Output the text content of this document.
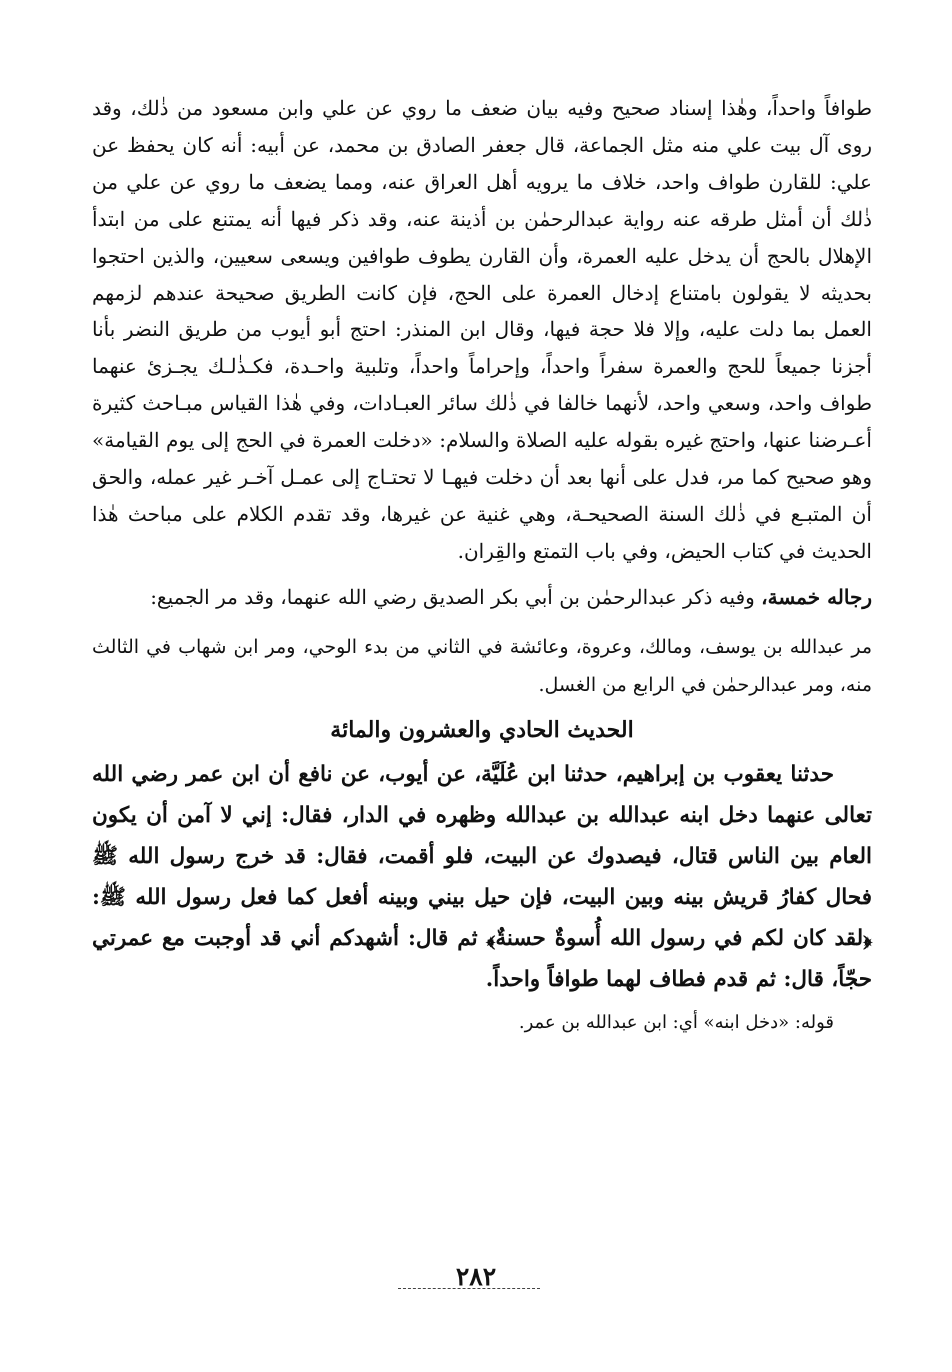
طوافاً واحداً، وهٰذا إسناد صحيح وفيه بيان ضعف ما روي عن علي وابن مسعود من ذٰلك، وقد روى آل بيت علي منه مثل الجماعة، قال جعفر الصادق بن محمد، عن أبيه: أنه كان يحفظ عن علي: للقارن طواف واحد، خلاف ما يرويه أهل العراق عنه، ومما يضعف ما روي عن علي من ذٰلك أن أمثل طرقه عنه رواية عبدالرحمٰن بن أذينة عنه، وقد ذكر فيها أنه يمتنع على من ابتدأ الإهلال بالحج أن يدخل عليه العمرة، وأن القارن يطوف طوافين ويسعى سعيين، والذين احتجوا بحديثه لا يقولون بامتناع إدخال العمرة على الحج، فإن كانت الطريق صحيحة عندهم لزمهم العمل بما دلت عليه، وإلا فلا حجة فيها، وقال ابن المنذر: احتج أبو أيوب من طريق النضر بأنا أجزنا جميعاً للحج والعمرة سفراً واحداً، وإحراماً واحداً، وتلبية واحـدة، فكـذٰلـك يجـزئ عنهما طواف واحد، وسعي واحد، لأنهما خالفا في ذٰلك سائر العبـادات، وفي هٰذا القياس مبـاحث كثيرة أعـرضنا عنها، واحتج غيره بقوله عليه الصلاة والسلام: «دخلت العمرة في الحج إلى يوم القيامة» وهو صحيح كما مر، فدل على أنها بعد أن دخلت فيهـا لا تحتـاج إلى عمـل آخـر غير عمله، والحق أن المتبـع في ذٰلك السنة الصحيحـة، وهي غنية عن غيرها، وقد تقدم الكلام على مباحث هٰذا الحديث في كتاب الحيض، وفي باب التمتع والقِران.

رجاله خمسة، وفيه ذكر عبدالرحمٰن بن أبي بكر الصديق رضي الله عنهما، وقد مر الجميع:

مر عبدالله بن يوسف، ومالك، وعروة، وعائشة في الثاني من بدء الوحي، ومر ابن شهاب في الثالث منه، ومر عبدالرحمٰن في الرابع من الغسل.

الحديث الحادي والعشرون والمائة

حدثنا يعقوب بن إبراهيم، حدثنا ابن عُلَيَّة، عن أيوب، عن نافع أن ابن عمر رضي الله تعالى عنهما دخل ابنه عبدالله بن عبدالله وظهره في الدار، فقال: إني لا آمن أن يكون العام بين الناس قتال، فيصدوك عن البيت، فلو أقمت، فقال: قد خرج رسول الله ﷺ فحال كفارُ قريش بينه وبين البيت، فإن حيل بيني وبينه أفعل كما فعل رسول الله ﷺ: ﴿لقد كان لكم في رسول الله أُسوةٌ حسنةٌ﴾ ثم قال: أشهدكم أني قد أوجبت مع عمرتي حجّاً، قال: ثم قدم فطاف لهما طوافاً واحداً.

قوله: «دخل ابنه» أي: ابن عبدالله بن عمر.

٢٨٢
